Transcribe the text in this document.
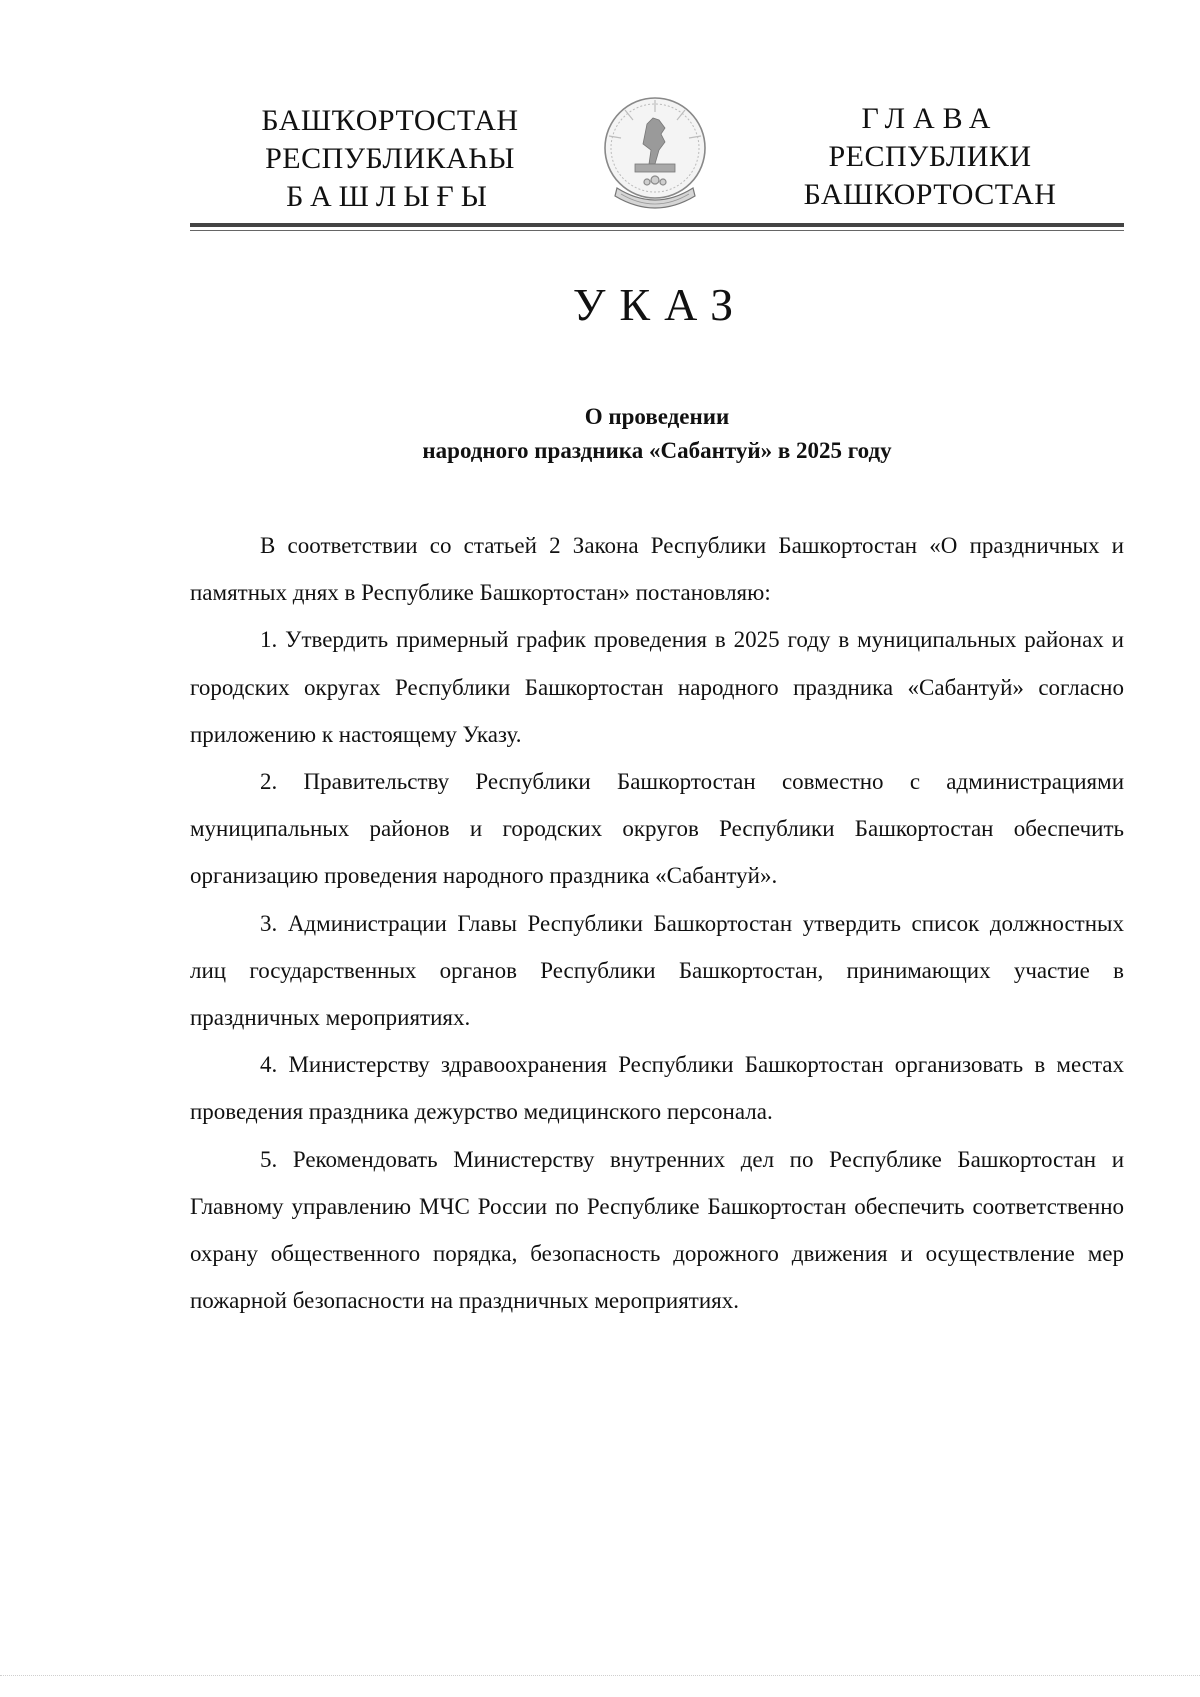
БАШҠОРТОСТАН
РЕСПУБЛИКАҺЫ
БАШЛЫҒЫ
ГЛАВА
РЕСПУБЛИКИ
БАШКОРТОСТАН
УКАЗ
О проведении
народного праздника «Сабантуй» в 2025 году

В соответствии со статьей 2 Закона Республики Башкортостан «О праздничных и памятных днях в Республике Башкортостан» постановляю:

1. Утвердить примерный график проведения в 2025 году в муниципальных районах и городских округах Республики Башкортостан народного праздника «Сабантуй» согласно приложению к настоящему Указу.

2. Правительству Республики Башкортостан совместно с администрациями муниципальных районов и городских округов Республики Башкортостан обеспечить организацию проведения народного праздника «Сабантуй».

3. Администрации Главы Республики Башкортостан утвердить список должностных лиц государственных органов Республики Башкортостан, принимающих участие в праздничных мероприятиях.

4. Министерству здравоохранения Республики Башкортостан организовать в местах проведения праздника дежурство медицинского персонала.

5. Рекомендовать Министерству внутренних дел по Республике Башкортостан и Главному управлению МЧС России по Республике Башкортостан обеспечить соответственно охрану общественного порядка, безопасность дорожного движения и осуществление мер пожарной безопасности на праздничных мероприятиях.
